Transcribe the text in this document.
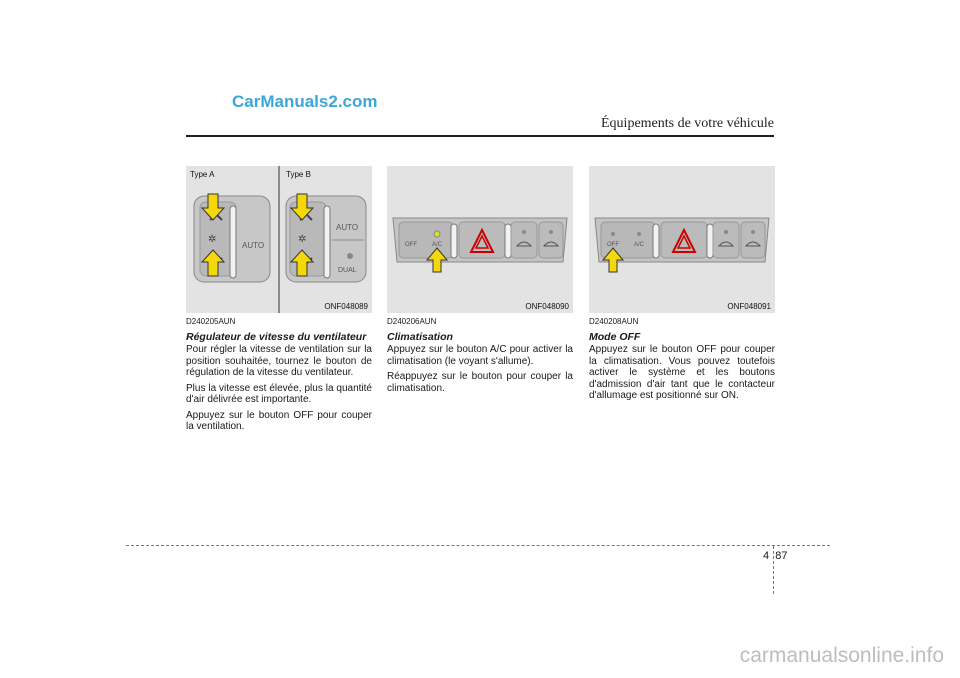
CarManuals2.com
Équipements de votre véhicule
Type A	Type B
✲
AUTO
✲
AUTO
DUAL
ONF048089
OFF	A/C
ONF048090
OFF	A/C
ONF048091
D240205AUN
Régulateur de vitesse du ventilateur

Pour régler la vitesse de ventilation sur la position souhaitée, tournez le bouton de régulation de la vitesse du ventilateur.

Plus la vitesse est élevée, plus la quantité d'air délivrée est importante.

Appuyez sur le bouton OFF pour couper la ventilation.

D240206AUN
Climatisation

Appuyez sur le bouton A/C pour activer la climatisation (le voyant s'allume).

Réappuyez sur le bouton pour couper la climatisation.

D240208AUN
Mode OFF

Appuyez sur le bouton OFF pour couper la climatisation. Vous pouvez toutefois activer le système et les boutons d'admission d'air tant que le contacteur d'allumage est positionné sur ON.

4 87
carmanualsonline.info
